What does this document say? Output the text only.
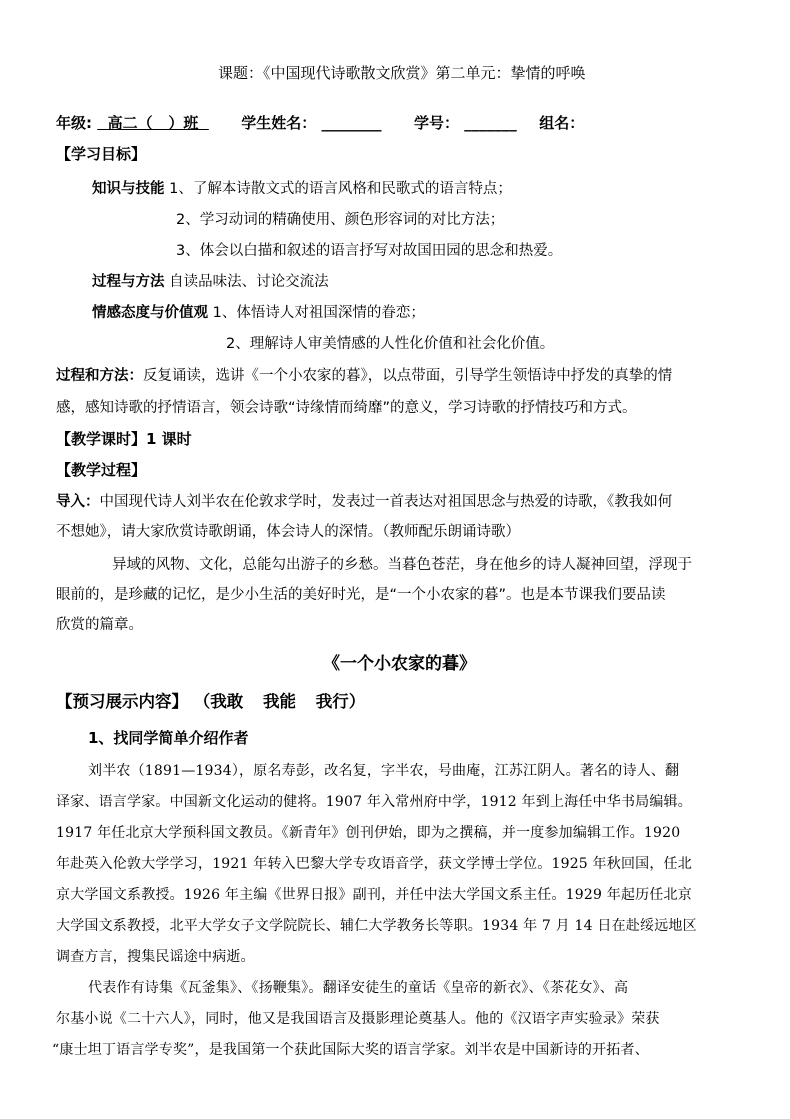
课题：《中国现代诗歌散文欣赏》第二单元：挚情的呼唤
年级:   高二（   ）班    学生姓名： ________ 学号： _______ 组名：
【学习目标】
知识与技能 1、了解本诗散文式的语言风格和民歌式的语言特点；
2、学习动词的精确使用、颜色形容词的对比方法；
3、体会以白描和叙述的语言抒写对故国田园的思念和热爱。
过程与方法 自读品味法、讨论交流法
情感态度与价值观 1、体悟诗人对祖国深情的眷恋；
2、理解诗人审美情感的人性化价值和社会化价值。
过程和方法：反复诵读，选讲《一个小农家的暮》，以点带面，引导学生领悟诗中抒发的真挚的情
感，感知诗歌的抒情语言，领会诗歌“诗缘情而绮靡”的意义，学习诗歌的抒情技巧和方式。
【教学课时】1 课时
【教学过程】
导入：中国现代诗人刘半农在伦敦求学时，发表过一首表达对祖国思念与热爱的诗歌，《教我如何
不想她》，请大家欣赏诗歌朗诵，体会诗人的深情。（教师配乐朗诵诗歌）
异域的风物、文化，总能勾出游子的乡愁。当暮色苍茫，身在他乡的诗人凝神回望，浮现于
眼前的，是珍藏的记忆，是少小生活的美好时光，是“一个小农家的暮”。也是本节课我们要品读
欣赏的篇章。
《一个小农家的暮》
【预习展示内容】 （我敢 我能 我行）
1、找同学简单介绍作者
刘半农（1891—1934），原名寿彭，改名复，字半农，号曲庵，江苏江阴人。著名的诗人、翻
译家、语言学家。中国新文化运动的健将。1907 年入常州府中学，1912 年到上海任中华书局编辑。
1917 年任北京大学预科国文教员。《新青年》创刊伊始，即为之撰稿，并一度参加编辑工作。1920
年赴英入伦敦大学学习，1921 年转入巴黎大学专攻语音学，获文学博士学位。1925 年秋回国，任北
京大学国文系教授。1926 年主编《世界日报》副刊，并任中法大学国文系主任。1929 年起历任北京
大学国文系教授，北平大学女子文学院院长、辅仁大学教务长等职。1934 年 7 月 14 日在赴绥远地区
调查方言，搜集民谣途中病逝。
代表作有诗集《瓦釜集》、《扬鞭集》。翻译安徒生的童话《皇帝的新衣》、《茶花女》、高
尔基小说《二十六人》，同时，他又是我国语言及摄影理论奠基人。他的《汉语字声实验录》荣获
“康士坦丁语言学专奖”，是我国第一个获此国际大奖的语言学家。刘半农是中国新诗的开拓者、
